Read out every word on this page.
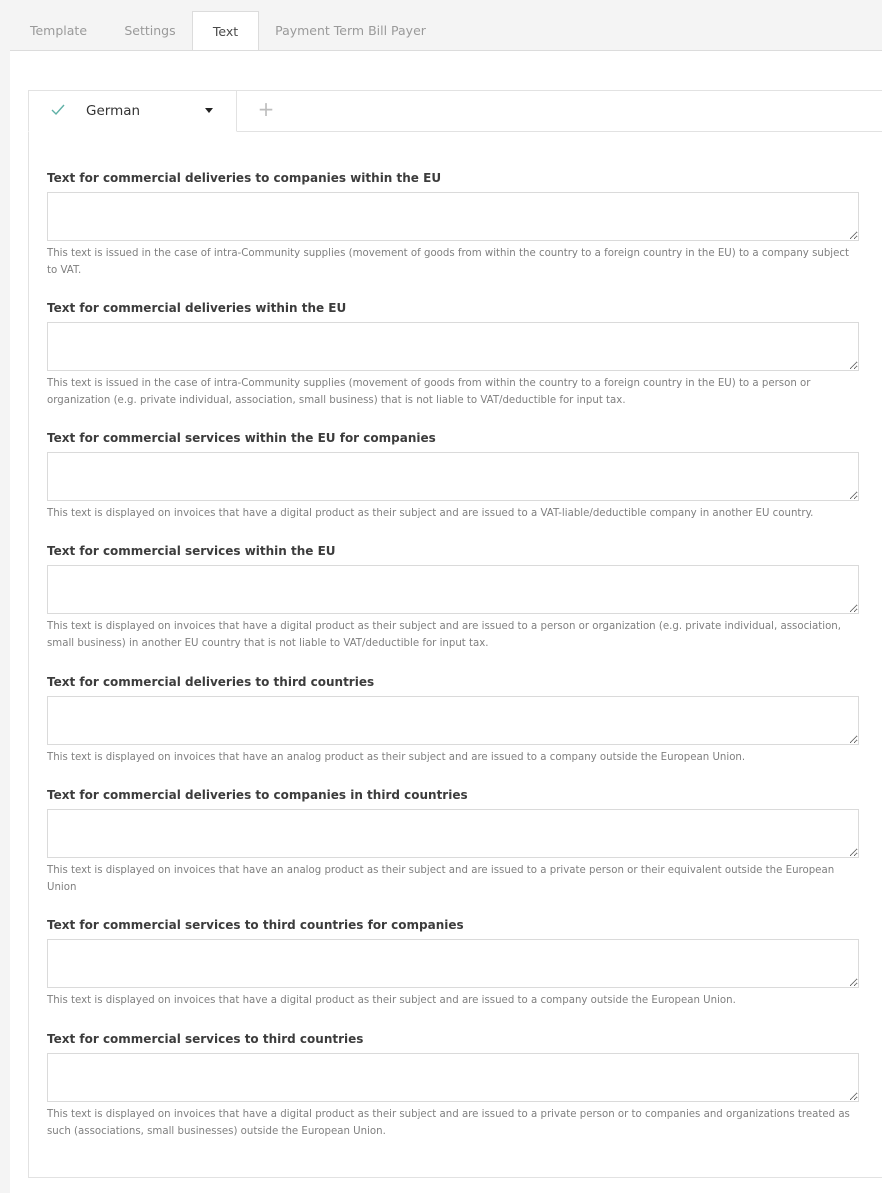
Template	Settings	Text	Payment Term Bill Payer
German	+
Text for commercial deliveries to companies within the EU
This text is issued in the case of intra-Community supplies (movement of goods from within the country to a foreign country in the EU) to a company subject to VAT.
Text for commercial deliveries within the EU
This text is issued in the case of intra-Community supplies (movement of goods from within the country to a foreign country in the EU) to a person or organization (e.g. private individual, association, small business) that is not liable to VAT/deductible for input tax.
Text for commercial services within the EU for companies
This text is displayed on invoices that have a digital product as their subject and are issued to a VAT-liable/deductible company in another EU country.
Text for commercial services within the EU
This text is displayed on invoices that have a digital product as their subject and are issued to a person or organization (e.g. private individual, association, small business) in another EU country that is not liable to VAT/deductible for input tax.
Text for commercial deliveries to third countries
This text is displayed on invoices that have an analog product as their subject and are issued to a company outside the European Union.
Text for commercial deliveries to companies in third countries
This text is displayed on invoices that have an analog product as their subject and are issued to a private person or their equivalent outside the European Union
Text for commercial services to third countries for companies
This text is displayed on invoices that have a digital product as their subject and are issued to a company outside the European Union.
Text for commercial services to third countries
This text is displayed on invoices that have a digital product as their subject and are issued to a private person or to companies and organizations treated as such (associations, small businesses) outside the European Union.
